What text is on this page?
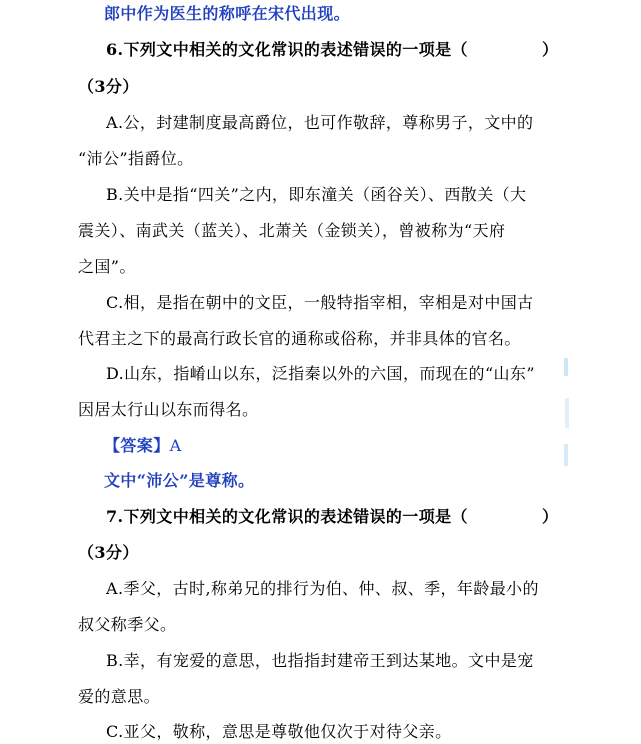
郎中作为医生的称呼在宋代出现。
6.下列文中相关的文化常识的表述错误的一项是（	）
（3分）
A.公，封建制度最高爵位，也可作敬辞，尊称男子，文中的
“沛公”指爵位。
B.关中是指“四关”之内，即东潼关（函谷关）、西散关（大
震关）、南武关（蓝关）、北萧关（金锁关），曾被称为“天府
之国”。
C.相，是指在朝中的文臣，一般特指宰相，宰相是对中国古
代君主之下的最高行政长官的通称或俗称，并非具体的官名。
D.山东，指崤山以东，泛指秦以外的六国，而现在的“山东”
因居太行山以东而得名。
【答案】A
文中“沛公”是尊称。
7.下列文中相关的文化常识的表述错误的一项是（	）
（3分）
A.季父，古时,称弟兄的排行为伯、仲、叔、季，年龄最小的
叔父称季父。
B.幸，有宠爱的意思，也指指封建帝王到达某地。文中是宠
爱的意思。
C.亚父，敬称，意思是尊敬他仅次于对待父亲。
